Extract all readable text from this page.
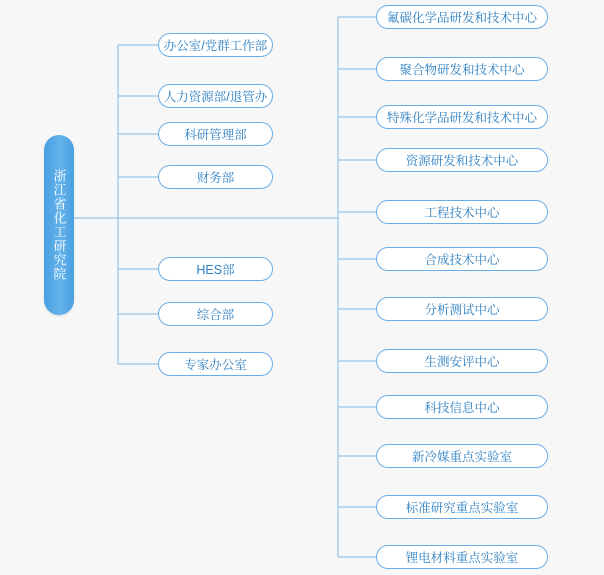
浙江省化工研究院
办公室/党群工作部
人力资源部/退管办
科研管理部
财务部
HES部
综合部
专家办公室
氟碳化学品研发和技术中心
聚合物研发和技术中心
特殊化学品研发和技术中心
资源研发和技术中心
工程技术中心
合成技术中心
分析测试中心
生测安评中心
科技信息中心
新冷媒重点实验室
标准研究重点实验室
锂电材料重点实验室
